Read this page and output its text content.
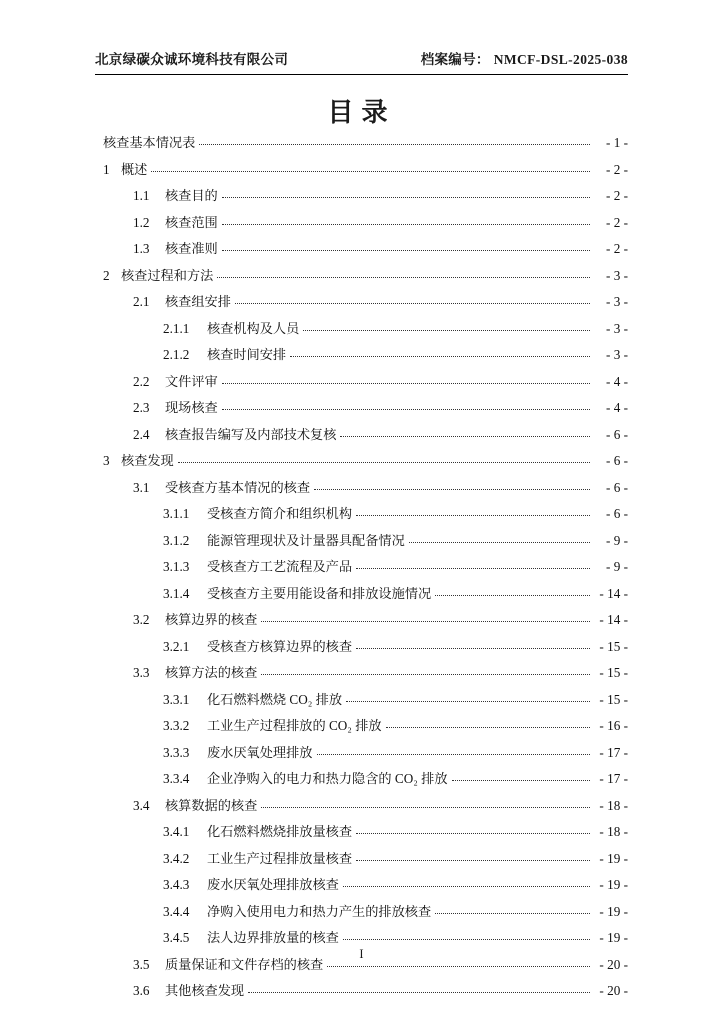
北京绿碳众诚环境科技有限公司	档案编号： NMCF-DSL-2025-038
目录
核查基本情况表	- 1 -
1 概述	- 2 -
1.1	核查目的	- 2 -
1.2	核查范围	- 2 -
1.3	核查准则	- 2 -
2 核查过程和方法	- 3 -
2.1	核查组安排	- 3 -
2.1.1	核查机构及人员	- 3 -
2.1.2	核查时间安排	- 3 -
2.2	文件评审	- 4 -
2.3	现场核查	- 4 -
2.4	核查报告编写及内部技术复核	- 6 -
3 核查发现	- 6 -
3.1	受核查方基本情况的核查	- 6 -
3.1.1	受核查方简介和组织机构	- 6 -
3.1.2	能源管理现状及计量器具配备情况	- 9 -
3.1.3	受核查方工艺流程及产品	- 9 -
3.1.4	受核查方主要用能设备和排放设施情况	- 14 -
3.2	核算边界的核查	- 14 -
3.2.1	受核查方核算边界的核查	- 15 -
3.3	核算方法的核查	- 15 -
3.3.1	化石燃料燃烧 CO₂ 排放	- 15 -
3.3.2	工业生产过程排放的 CO₂ 排放	- 16 -
3.3.3	废水厌氧处理排放	- 17 -
3.3.4	企业净购入的电力和热力隐含的 CO₂ 排放	- 17 -
3.4	核算数据的核查	- 18 -
3.4.1	化石燃料燃烧排放量核查	- 18 -
3.4.2	工业生产过程排放量核查	- 19 -
3.4.3	废水厌氧处理排放核查	- 19 -
3.4.4	净购入使用电力和热力产生的排放核查	- 19 -
3.4.5	法人边界排放量的核查	- 19 -
3.5	质量保证和文件存档的核查	- 20 -
3.6	其他核查发现	- 20 -
I
